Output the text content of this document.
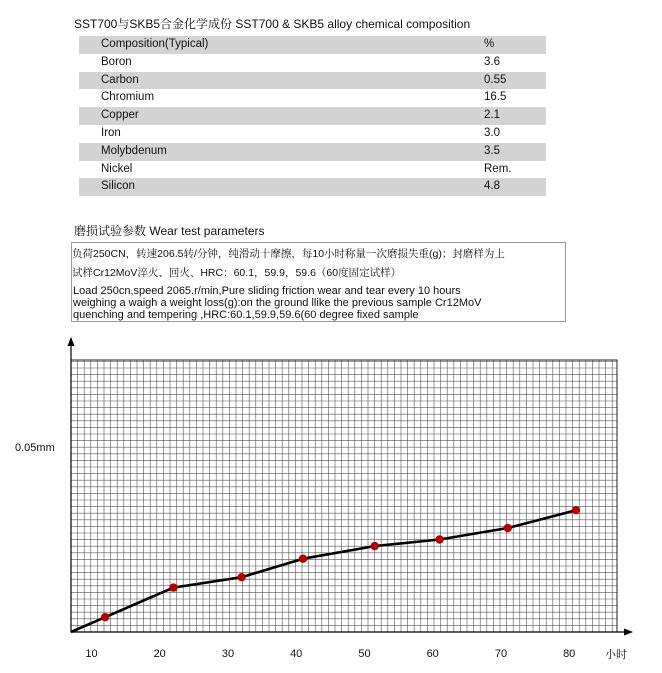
SST700与SKB5合金化学成份 SST700 & SKB5 alloy chemical composition
Composition(Typical)	%
Boron	3.6
Carbon	0.55
Chromium	16.5
Copper	2.1
Iron	3.0
Molybdenum	3.5
Nickel	Rem.
Silicon	4.8
磨损试验参数 Wear test parameters
负荷250CN，转速206.5转/分钟，纯滑动十摩擦，每10小时称量一次磨损失重(g)；封磨样为上
试样Cr12MoV淬火、回火、HRC：60.1，59.9，59.6（60度固定试样）
Load 250cn,speed 2065.r/min,Pure sliding friction wear and tear every 10 hours
weighing a waigh a weight loss(g):on the ground llike the previous sample Cr12MoV
quenching and tempering ,HRC:60.1,59.9,59.6(60 degree fixed sample
10	20	30	40	50	60	70	80	小时
0.05mm
